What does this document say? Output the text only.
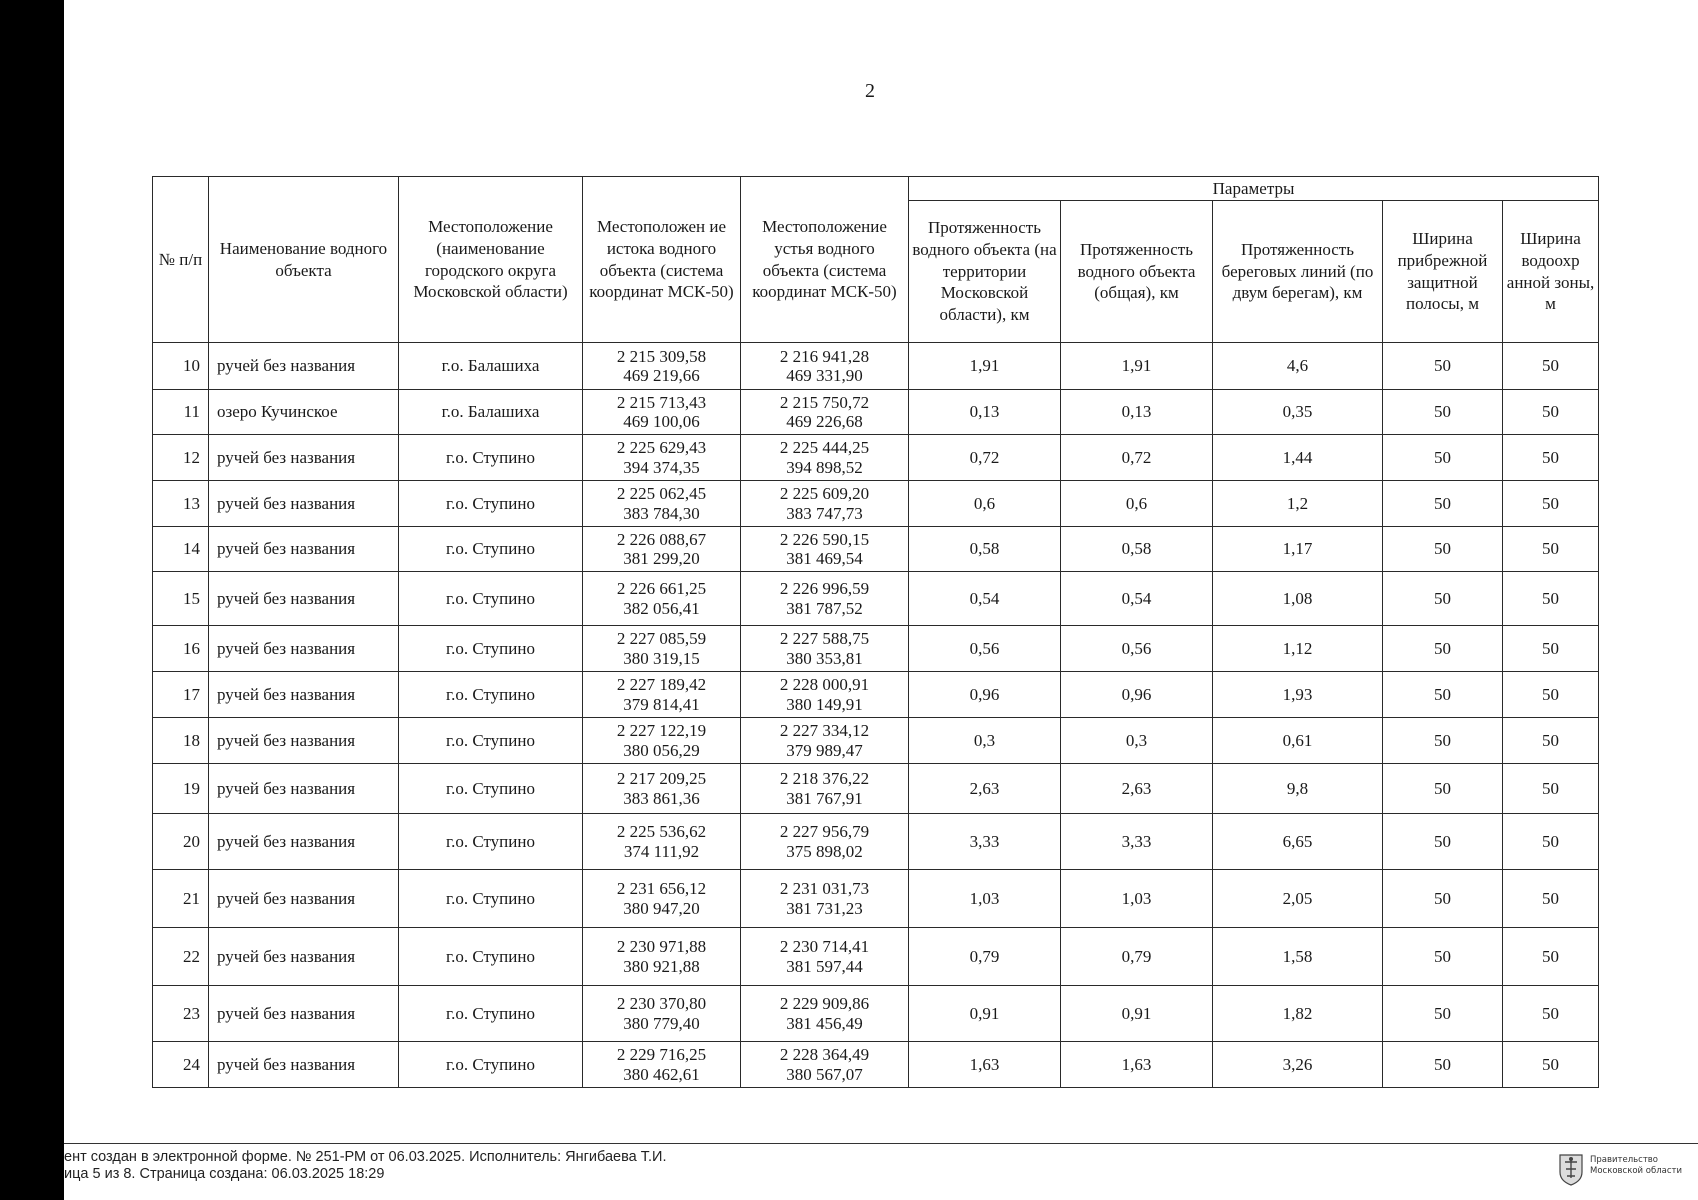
2
№ п/п	Наименование водного объекта	Местоположение (наименование городского округа Московской области)	Местоположен ие истока водного объекта (система координат МСК-50)	Местоположение устья водного объекта (система координат МСК-50)	Параметры				
					Протяженность водного объекта (на территории Московской области), км	Протяженность водного объекта (общая), км	Протяженность береговых линий (по двум берегам), км	Ширина прибрежной защитной полосы, м	Ширина водоохр анной зоны, м
10	ручей без названия	г.о. Балашиха	2 215 309,58
469 219,66	2 216 941,28
469 331,90	1,91	1,91	4,6	50	50
11	озеро Кучинское	г.о. Балашиха	2 215 713,43
469 100,06	2 215 750,72
469 226,68	0,13	0,13	0,35	50	50
12	ручей без названия	г.о. Ступино	2 225 629,43
394 374,35	2 225 444,25
394 898,52	0,72	0,72	1,44	50	50
13	ручей без названия	г.о. Ступино	2 225 062,45
383 784,30	2 225 609,20
383 747,73	0,6	0,6	1,2	50	50
14	ручей без названия	г.о. Ступино	2 226 088,67
381 299,20	2 226 590,15
381 469,54	0,58	0,58	1,17	50	50
15	ручей без названия	г.о. Ступино	2 226 661,25
382 056,41	2 226 996,59
381 787,52	0,54	0,54	1,08	50	50
16	ручей без названия	г.о. Ступино	2 227 085,59
380 319,15	2 227 588,75
380 353,81	0,56	0,56	1,12	50	50
17	ручей без названия	г.о. Ступино	2 227 189,42
379 814,41	2 228 000,91
380 149,91	0,96	0,96	1,93	50	50
18	ручей без названия	г.о. Ступино	2 227 122,19
380 056,29	2 227 334,12
379 989,47	0,3	0,3	0,61	50	50
19	ручей без названия	г.о. Ступино	2 217 209,25
383 861,36	2 218 376,22
381 767,91	2,63	2,63	9,8	50	50
20	ручей без названия	г.о. Ступино	2 225 536,62
374 111,92	2 227 956,79
375 898,02	3,33	3,33	6,65	50	50
21	ручей без названия	г.о. Ступино	2 231 656,12
380 947,20	2 231 031,73
381 731,23	1,03	1,03	2,05	50	50
22	ручей без названия	г.о. Ступино	2 230 971,88
380 921,88	2 230 714,41
381 597,44	0,79	0,79	1,58	50	50
23	ручей без названия	г.о. Ступино	2 230 370,80
380 779,40	2 229 909,86
381 456,49	0,91	0,91	1,82	50	50
24	ручей без названия	г.о. Ступино	2 229 716,25
380 462,61	2 228 364,49
380 567,07	1,63	1,63	3,26	50	50
ент создан в электронной форме. № 251-РМ от 06.03.2025. Исполнитель: Янгибаева Т.И.
ица 5 из 8. Страница создана: 06.03.2025 18:29
Правительство
Московской области
